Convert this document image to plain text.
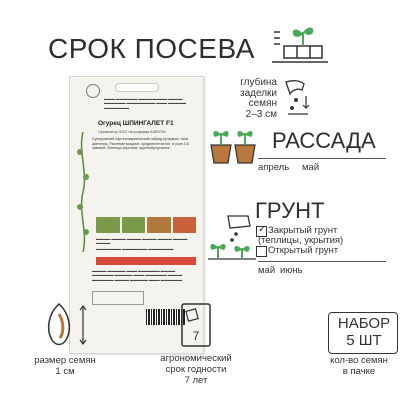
СРОК ПОСЕВА
▬▬▬ ▬▬▬▬▬▬ ▬▬▬▬▬▬▬▬ ▬▬▬▬ ▬▬▬▬▬▬ ▬▬▬▬▬▬▬▬ ▬▬▬ ▬▬▬▬▬ ▬▬▬▬▬▬▬
Огурец ШПИНГАЛЕТ F1
Оригинатор ООО «Агрофирма АЭЛИТА»
Суперранний партенокарпический гибрид пучкового типа цветения. Растение мощное, среднеплетистое, в узле 4-6 завязей. Зеленцы короткие, крупнобугорчатые.
▬▬▬▬ ▬▬▬▬ ▬▬▬▬ ▬▬▬▬ ▬▬▬▬ ▬▬▬▬ ▬▬▬▬
▬▬▬▬▬▬▬ ▬▬▬▬▬▬▬ ▬▬▬▬▬▬▬
▬▬▬▬ ▬▬▬▬▬ ▬▬▬ ▬▬▬▬▬▬ ▬▬▬▬ ▬▬▬▬▬▬ ▬▬▬▬▬ ▬▬▬ ▬▬▬▬▬▬ ▬▬▬▬ ▬▬▬▬▬▬ ▬▬▬▬ ▬▬▬▬▬ ▬▬▬ ▬▬▬▬▬▬
глубина
заделки
семян
2–3 см
РАССАДА
апрель май
ГРУНТ
✓ Закрытый грунт
(теплицы, укрытия)
Открытый грунт
май июнь
размер семян
1 см
7
агрономический
срок годности
7 лет
НАБОР
5 ШТ
кол-во семян
в пачке
